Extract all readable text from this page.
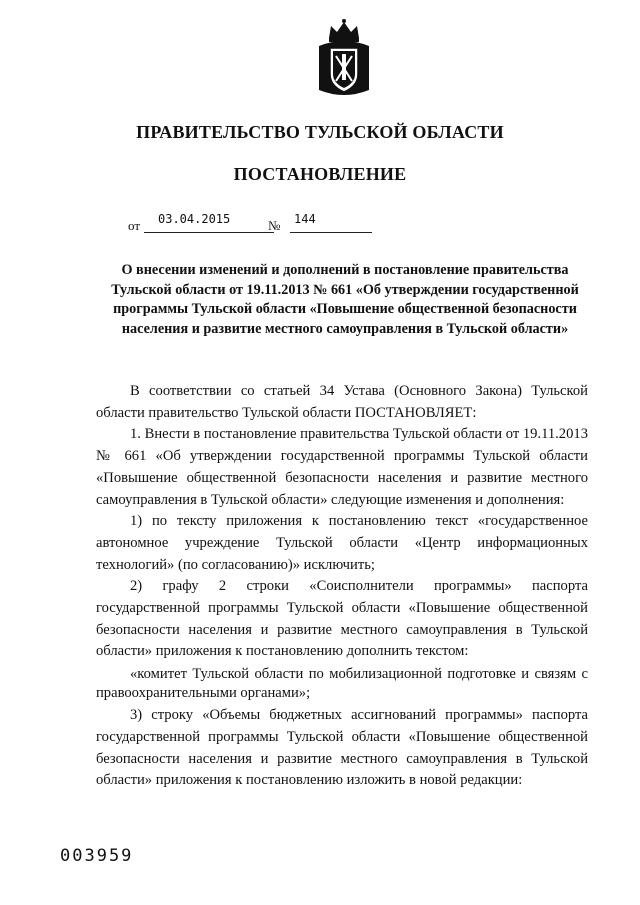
ПРАВИТЕЛЬСТВО ТУЛЬСКОЙ ОБЛАСТИ
ПОСТАНОВЛЕНИЕ
от 03.04.2015	№ 144
О внесении изменений и дополнений в постановление правительства Тульской области от 19.11.2013 № 661 «Об утверждении государственной программы Тульской области «Повышение общественной безопасности населения и развитие местного самоуправления в Тульской области»

В соответствии со статьей 34 Устава (Основного Закона) Тульской области правительство Тульской области ПОСТАНОВЛЯЕТ:

1. Внести в постановление правительства Тульской области от 19.11.2013 № 661 «Об утверждении государственной программы Тульской области «Повышение общественной безопасности населения и развитие местного самоуправления в Тульской области» следующие изменения и дополнения:

1) по тексту приложения к постановлению текст «государственное автономное учреждение Тульской области «Центр информационных технологий» (по согласованию)» исключить;

2) графу 2 строки «Соисполнители программы» паспорта государственной программы Тульской области «Повышение общественной безопасности населения и развитие местного самоуправления в Тульской области» приложения к постановлению дополнить текстом:

«комитет Тульской области по мобилизационной подготовке и связям с правоохранительными органами»;

3) строку «Объемы бюджетных ассигнований программы» паспорта государственной программы Тульской области «Повышение общественной безопасности населения и развитие местного самоуправления в Тульской области» приложения к постановлению изложить в новой редакции:

003959
